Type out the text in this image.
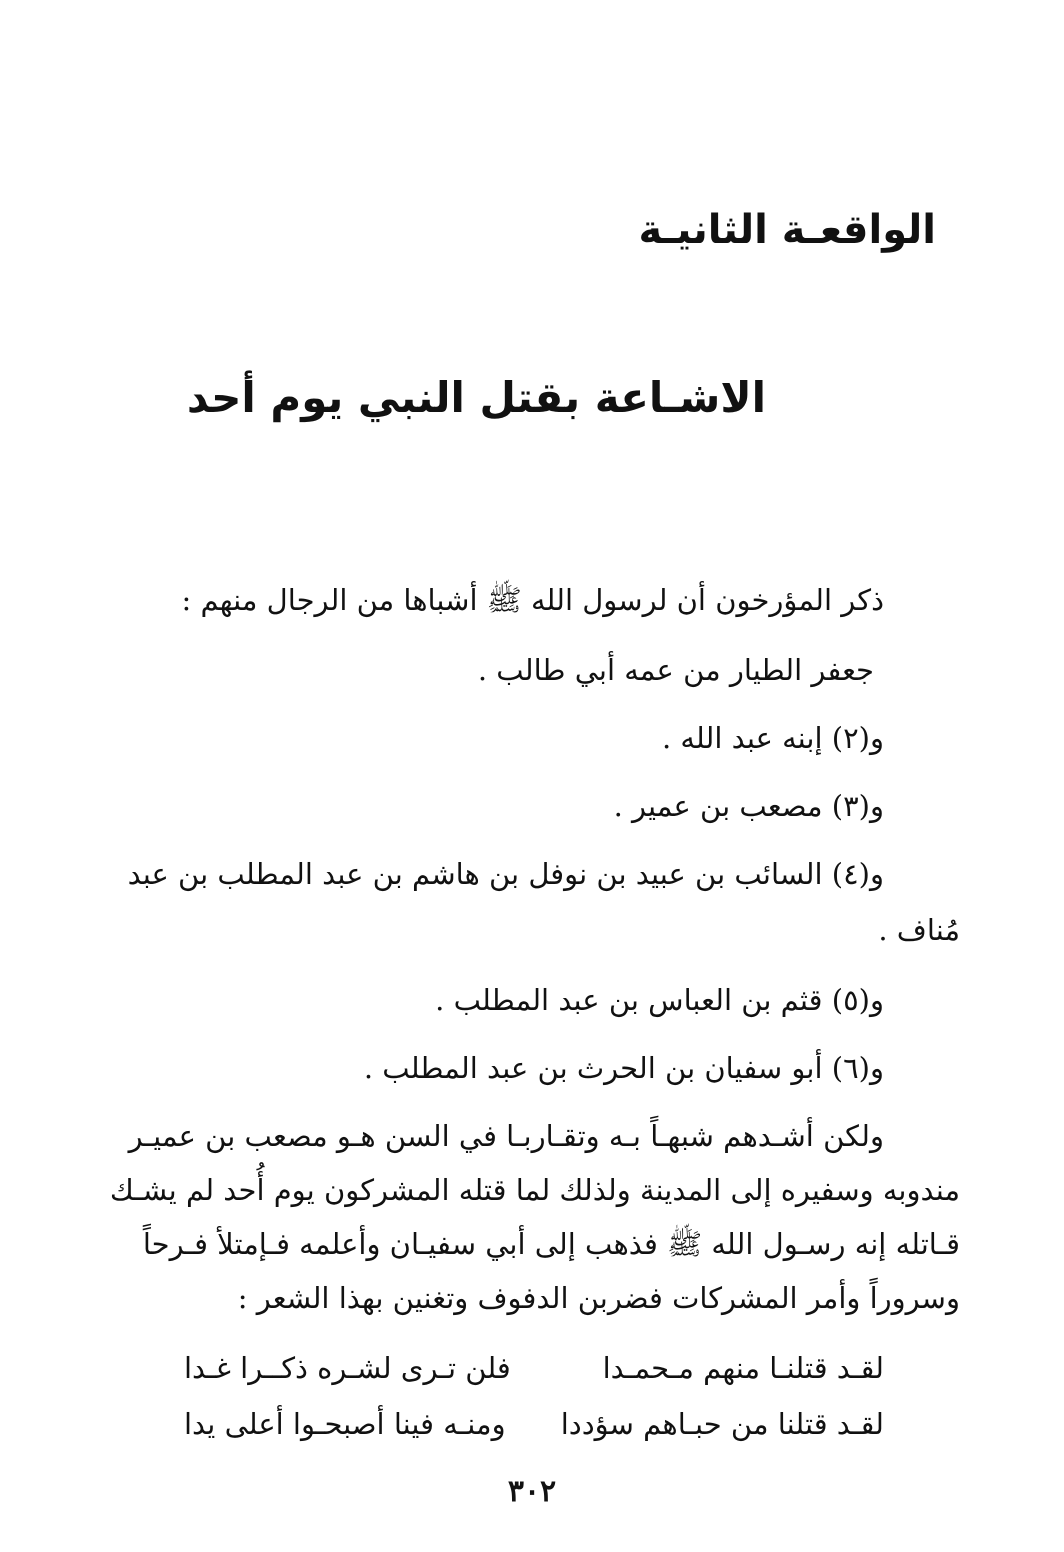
الواقعـة الثانيـة
الاشـاعة بقتل النبي يوم أحد
ذكر المؤرخون أن لرسول الله ﷺ أشباها من الرجال منهم :
جعفر الطيار من عمه أبي طالب .
و(٢) إبنه عبد الله .
و(٣) مصعب بن عمير .
و(٤) السائب بن عبيد بن نوفل بن هاشم بن عبد المطلب بن عبد
مُناف .
و(٥) قثم بن العباس بن عبد المطلب .
و(٦) أبو سفيان بن الحرث بن عبد المطلب .
ولكن أشـدهم شبهـاً بـه وتقـاربـا في السن هـو مصعب بن عميـر
مندوبه وسفيره إلى المدينة ولذلك لما قتله المشركون يوم أُحد لم يشـك
قـاتله إنه رسـول الله ﷺ فذهب إلى أبي سفيـان وأعلمه فـإمتلأ فـرحاً
وسروراً وأمر المشركات فضربن الدفوف وتغنين بهذا الشعر :
لقـد قتلنـا منهم مـحمـدا
فلن تـرى لشـره ذكــرا غـدا
لقـد قتلنا من حبـاهم سؤددا
ومنـه فينا أصبحـوا أعلى يدا
٣٠٢
